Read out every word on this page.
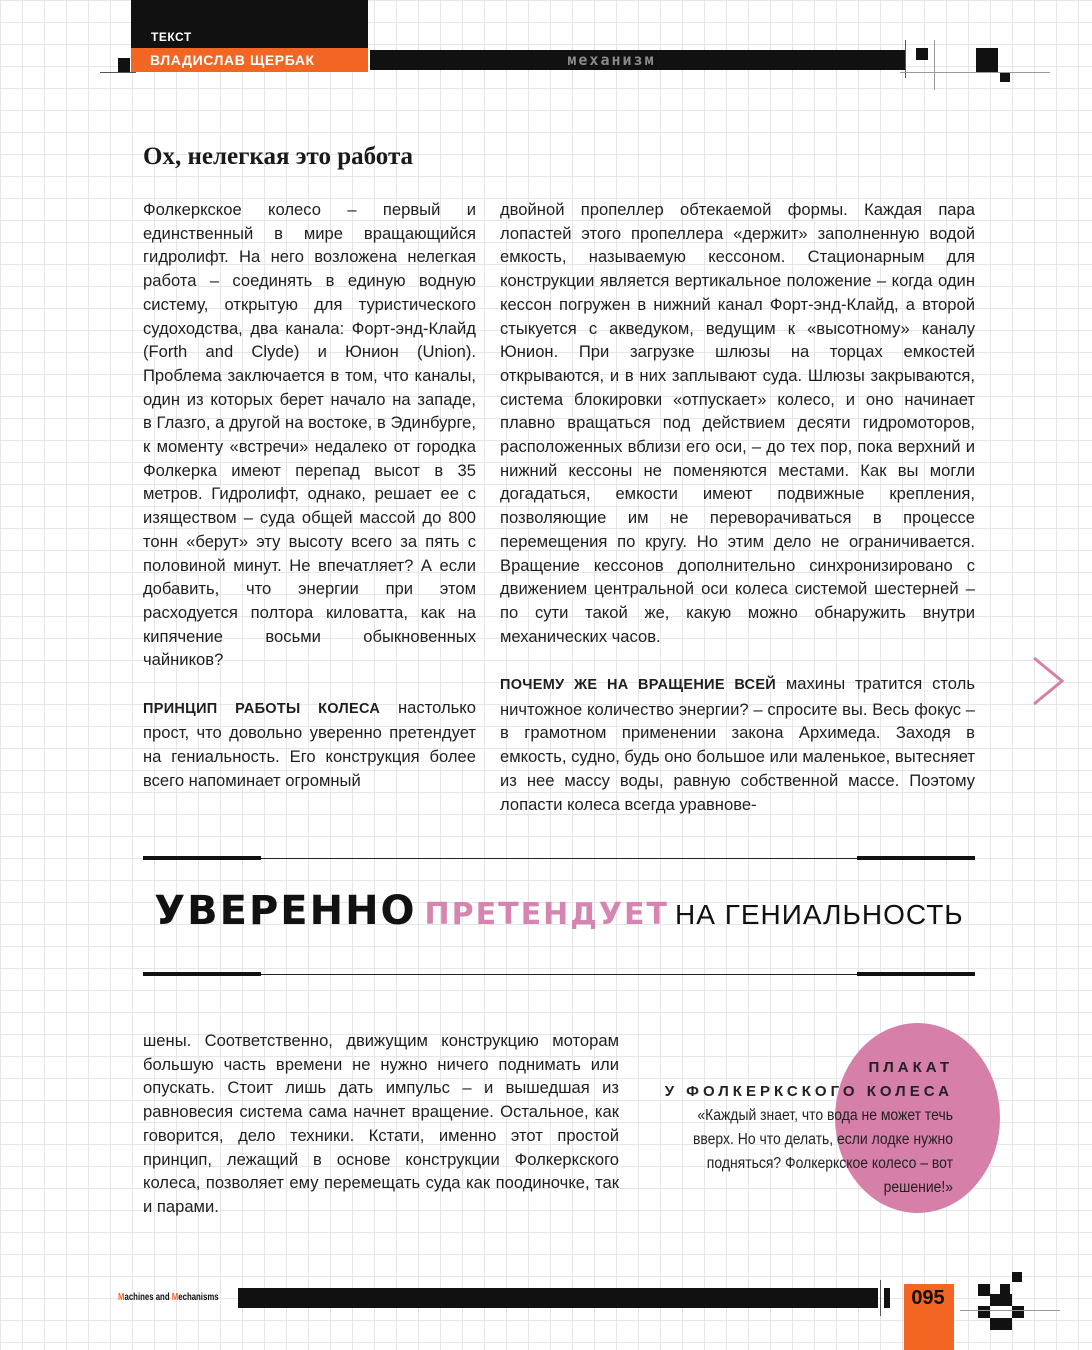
ТЕКСТ
ВЛАДИСЛАВ ЩЕРБАК	механизм
Ох, нелегкая это работа

Фолкеркское колесо – первый и единственный в мире вращающийся гидролифт. На него возложена нелегкая работа – соединять в единую водную систему, открытую для туристического судоходства, два канала: Форт-энд-Клайд (Forth and Clyde) и Юнион (Union). Проблема заключается в том, что каналы, один из которых берет начало на западе, в Глазго, а другой на востоке, в Эдинбурге, к моменту «встречи» недалеко от городка Фолкерка имеют перепад высот в 35 метров. Гидролифт, однако, решает ее с изяществом – суда общей массой до 800 тонн «берут» эту высоту всего за пять с половиной минут. Не впечатляет? А если добавить, что энергии при этом расходуется полтора киловатта, как на кипячение восьми обыкновенных чайников?

ПРИНЦИП РАБОТЫ КОЛЕСА настолько прост, что довольно уверенно претендует на гениальность. Его конструкция более всего напоминает огромный

двойной пропеллер обтекаемой формы. Каждая пара лопастей этого пропеллера «держит» заполненную водой емкость, называемую кессоном. Стационарным для конструкции является вертикальное положение – когда один кессон погружен в нижний канал Форт-энд-Клайд, а второй стыкуется с акведуком, ведущим к «высотному» каналу Юнион. При загрузке шлюзы на торцах емкостей открываются, и в них заплывают суда. Шлюзы закрываются, система блокировки «отпускает» колесо, и оно начинает плавно вращаться под действием десяти гидромоторов, расположенных вблизи его оси, – до тех пор, пока верхний и нижний кессоны не поменяются местами. Как вы могли догадаться, емкости имеют подвижные крепления, позволяющие им не переворачиваться в процессе перемещения по кругу. Но этим дело не ограничивается. Вращение кессонов дополнительно синхронизировано с движением центральной оси колеса системой шестерней – по сути такой же, какую можно обнаружить внутри механических часов.

ПОЧЕМУ ЖЕ НА ВРАЩЕНИЕ ВСЕЙ махины тратится столь ничтожное количество энергии? – спросите вы. Весь фокус – в грамотном применении закона Архимеда. Заходя в емкость, судно, будь оно большое или маленькое, вытесняет из нее массу воды, равную собственной массе. Поэтому лопасти колеса всегда уравнове-

УВЕРЕННО ПРЕТЕНДУЕТ НА ГЕНИАЛЬНОСТЬ

шены. Соответственно, движущим конструкцию моторам большую часть времени не нужно ничего поднимать или опускать. Стоит лишь дать импульс – и вышедшая из равновесия система сама начнет вращение. Остальное, как говорится, дело техники. Кстати, именно этот простой принцип, лежащий в основе конструкции Фолкеркского колеса, позволяет ему перемещать суда как поодиночке, так и парами.

ПЛАКАТ
У ФОЛКЕРКСКОГО КОЛЕСА
«Каждый знает, что вода не может течь вверх. Но что делать, если лодке нужно подняться? Фолкеркское колесо – вот решение!»
Machines and Mechanisms	095
